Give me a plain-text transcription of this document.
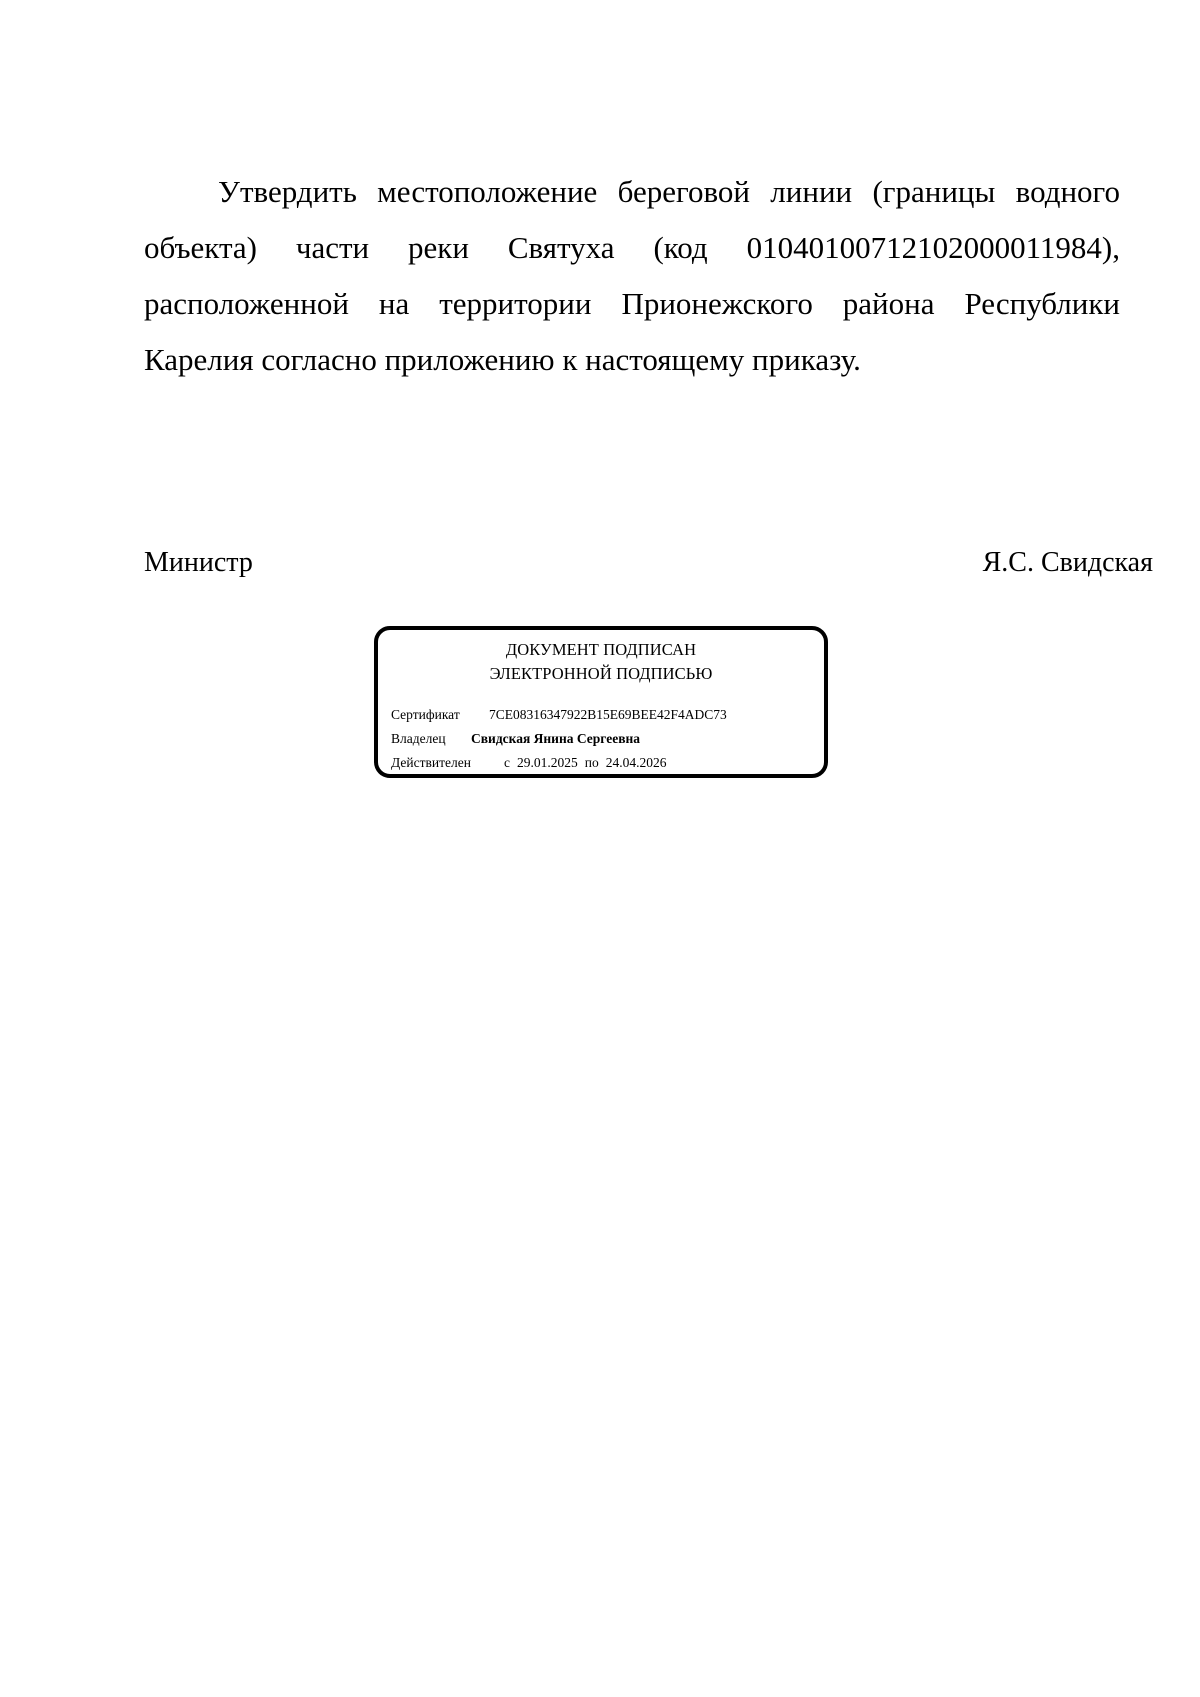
Утвердить местоположение береговой линии (границы водного объекта) части реки Святуха (код 01040100712102000011984), расположенной на территории Прионежского района Республики Карелия согласно приложению к настоящему приказу.

Министр	Я.С. Свидская
ДОКУМЕНТ ПОДПИСАН
ЭЛЕКТРОННОЙ ПОДПИСЬЮ
Сертификат 7CE08316347922B15E69BEE42F4ADC73
Владелец Свидская Янина Сергеевна
Действителен с 29.01.2025 по 24.04.2026
